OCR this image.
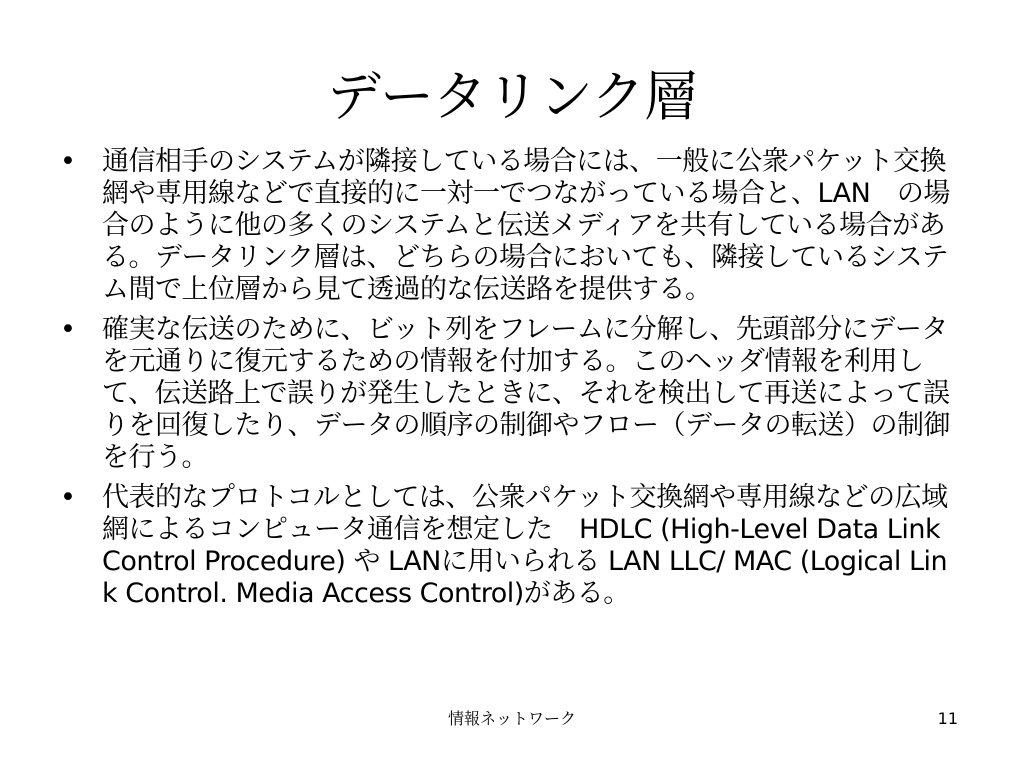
データリンク層
• 通信相手のシステムが隣接している場合には、一般に公衆パケット交換網や専用線などで直接的に一対一でつながっている場合と、LAN　の場合のように他の多くのシステムと伝送メディアを共有している場合がある。データリンク層は、どちらの場合においても、隣接しているシステム間で上位層から見て透過的な伝送路を提供する。
• 確実な伝送のために、ビット列をフレームに分解し、先頭部分にデータを元通りに復元するための情報を付加する。このヘッダ情報を利用して、伝送路上で誤りが発生したときに、それを検出して再送によって誤りを回復したり、データの順序の制御やフロー（データの転送）の制御を行う。
• 代表的なプロトコルとしては、公衆パケット交換網や専用線などの広域網によるコンピュータ通信を想定した　HDLC (High-Level Data Link Control Procedure) や LANに用いられる LAN LLC/ MAC (Logical Link Control. Media Access Control)がある。
情報ネットワーク	11
